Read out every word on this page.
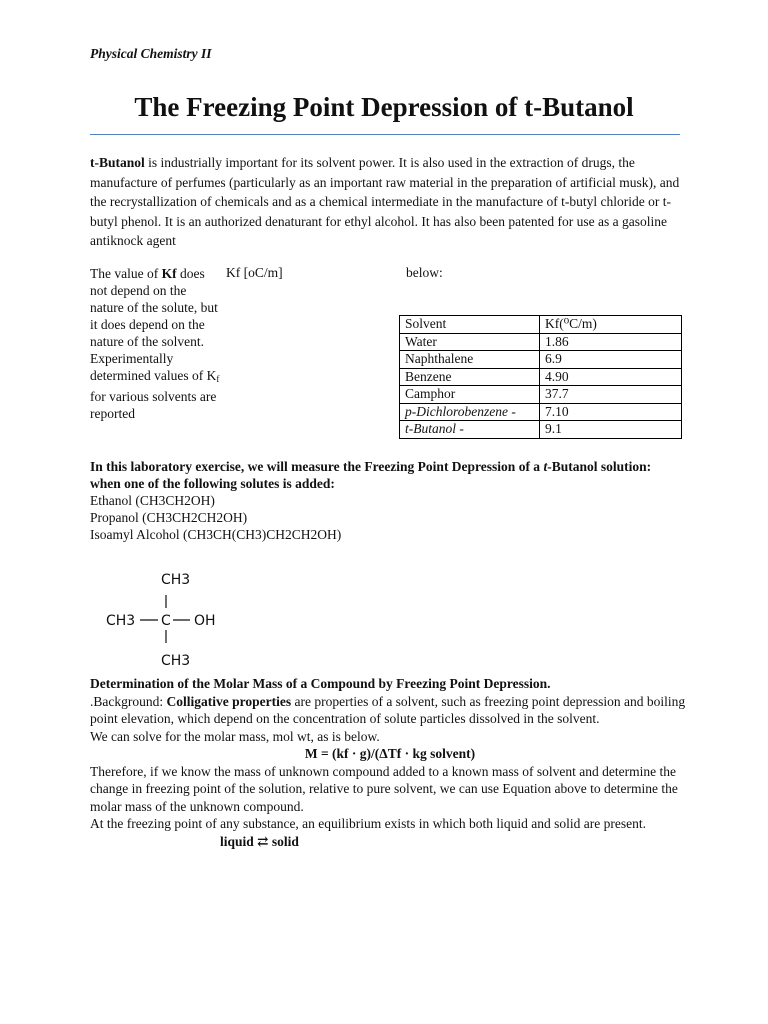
Physical Chemistry II
The Freezing Point Depression of t-Butanol
t-Butanol is industrially important for its solvent power. It is also used in the extraction of drugs, the manufacture of perfumes (particularly as an important raw material in the preparation of artificial musk), and the recrystallization of chemicals and as a chemical intermediate in the manufacture of t-butyl chloride or t-butyl phenol. It is an authorized denaturant for ethyl alcohol. It has also been patented for use as a gasoline antiknock agent
The value of Kf does not depend on the nature of the solute, but it does depend on the nature of the solvent. Experimentally determined values of $K_f$ for various solvents are reported
Kf [oC/m]	below:
Solvent	Kf(⁰C/m)
Water	1.86
Naphthalene	6.9
Benzene	4.90
Camphor	37.7
p-Dichlorobenzene -	7.10
t-Butanol -	9.1
In this laboratory exercise, we will measure the Freezing Point Depression of a t-Butanol solution: when one of the following solutes is added:
Ethanol (CH3CH2OH)
Propanol (CH3CH2CH2OH)
Isoamyl Alcohol (CH3CH(CH3)CH2CH2OH)
CH3
CH3 C OH
CH3
Determination of the Molar Mass of a Compound by Freezing Point Depression.
.Background: Colligative properties are properties of a solvent, such as freezing point depression and boiling point elevation, which depend on the concentration of solute particles dissolved in the solvent.
We can solve for the molar mass, mol wt, as is below.
M = (kf · g)/(ΔTf · kg solvent)
Therefore, if we know the mass of unknown compound added to a known mass of solvent and determine the change in freezing point of the solution, relative to pure solvent, we can use Equation above to determine the molar mass of the unknown compound.
At the freezing point of any substance, an equilibrium exists in which both liquid and solid are present. liquid ⇄ solid
